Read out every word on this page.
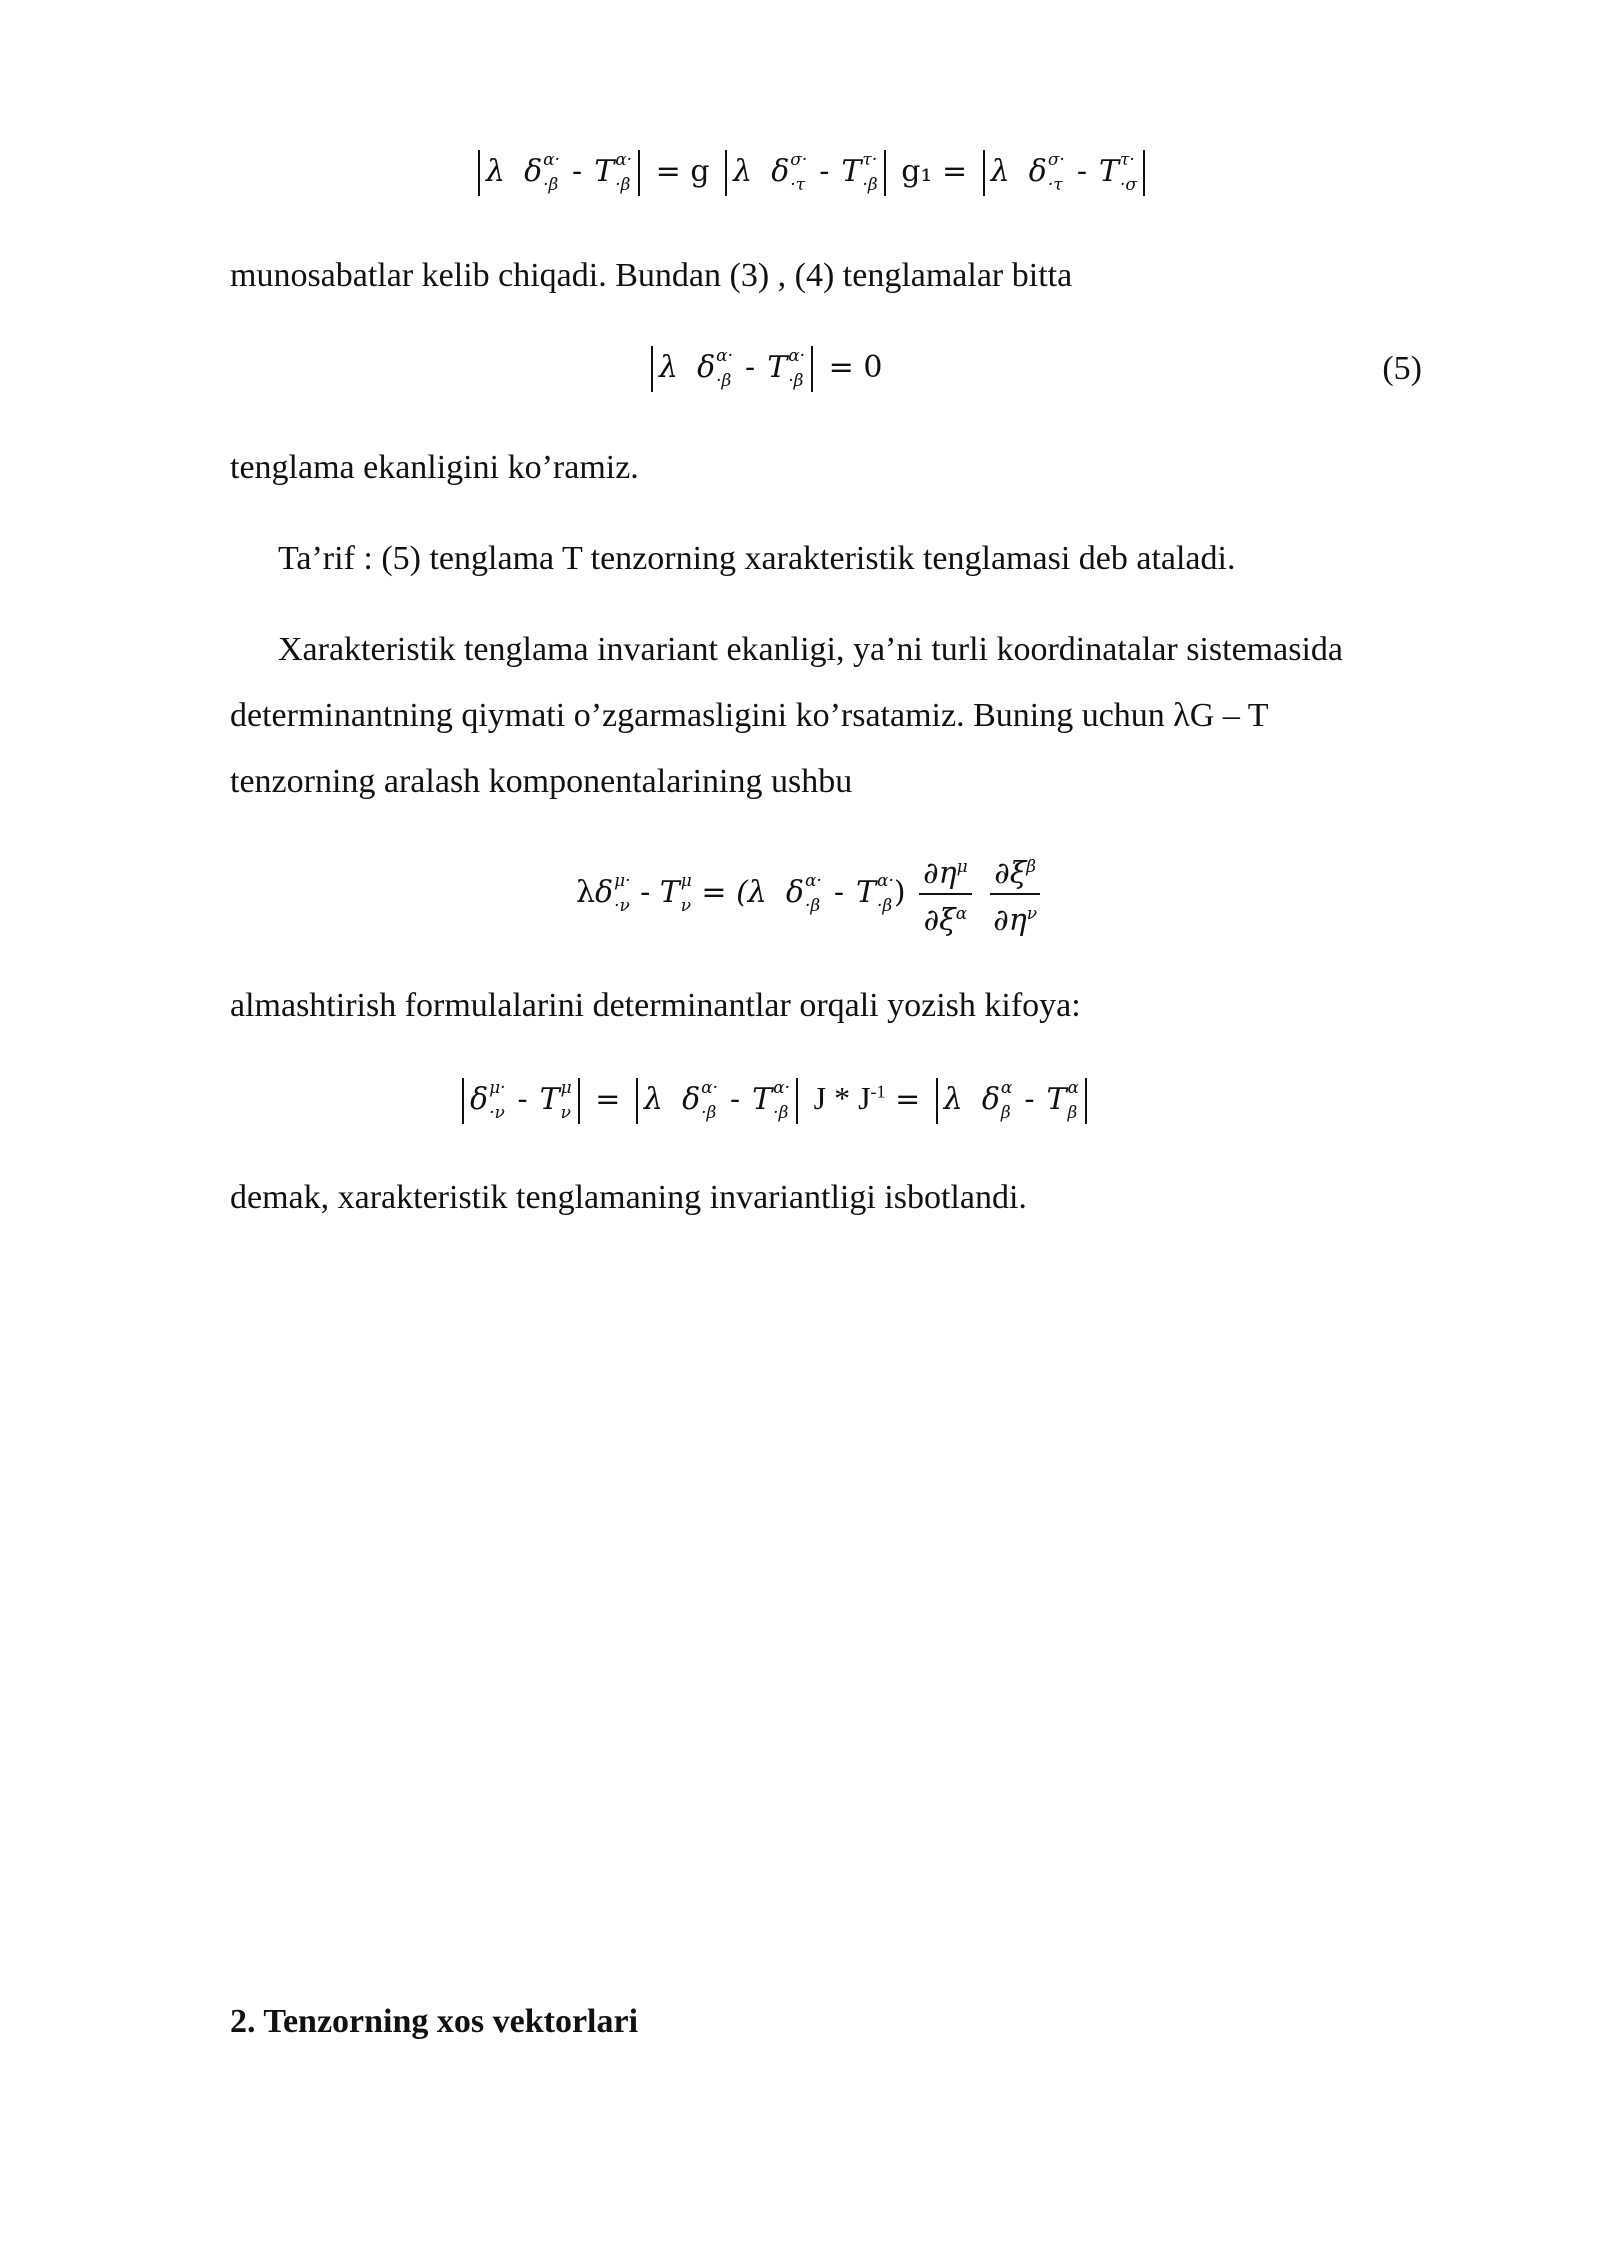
λ δ α·
·β - T α·
·β = g λ δ σ·
·τ - T τ·
·β g₁ = λ δ σ·
·τ - T τ·
·σ
munosabatlar kelib chiqadi. Bundan (3) , (4) tenglamalar bitta
λ δ α·
·β - T α·
·β = 0	(5)
tenglama ekanligini ko’ramiz.
Ta’rif : (5) tenglama T tenzorning xarakteristik tenglamasi deb ataladi.
Xarakteristik tenglama invariant ekanligi, ya’ni turli koordinatalar sistemasida
determinantning qiymati o’zgarmasligini ko’rsatamiz. Buning uchun λG – T
tenzorning aralash komponentalarining ushbu
λδ μ·
·ν - T μ
ν = (λ δ α·
·β - T α·
·β ) $\frac{\partial\eta^\mu}{\partial\xi^\alpha}$
$\frac{\partial\xi^\beta}{\partial\eta^\nu}$
almashtirish formulalarini determinantlar orqali yozish kifoya:
δ μ·
·ν - T μ
ν = λ δ α·
·β - T α·
·β $J * J^{-1} = \lambda$ δ α
β - T α
β
demak, xarakteristik tenglamaning invariantligi isbotlandi.
2. Tenzorning xos vektorlari
